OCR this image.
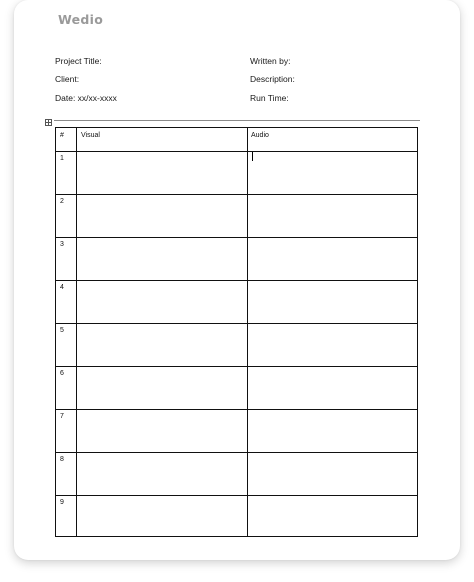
Wedio
Project Title:	Written by:
Client:	Description:
Date: xx/xx-xxxx	Run Time:
# Visual	Audio
1
2
3
4
5
6
7
8
9
